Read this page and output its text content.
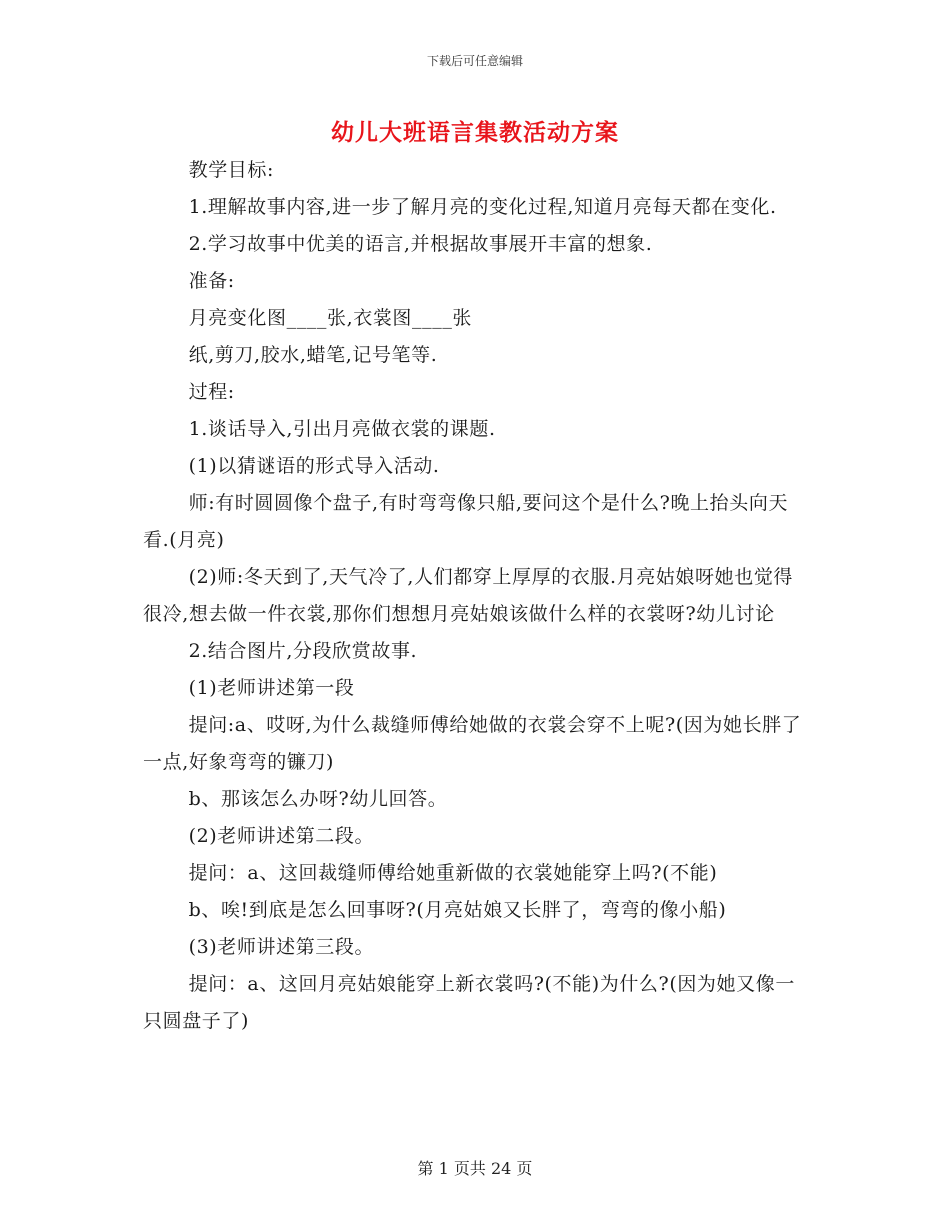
下载后可任意编辑
幼儿大班语言集教活动方案

教学目标:

1.理解故事内容,进一步了解月亮的变化过程,知道月亮每天都在变化.

2.学习故事中优美的语言,并根据故事展开丰富的想象.

准备:

月亮变化图____张,衣裳图____张

纸,剪刀,胶水,蜡笔,记号笔等.

过程:

1.谈话导入,引出月亮做衣裳的课题.

(1)以猜谜语的形式导入活动.

师:有时圆圆像个盘子,有时弯弯像只船,要问这个是什么?晚上抬头向天看.(月亮)

(2)师:冬天到了,天气冷了,人们都穿上厚厚的衣服.月亮姑娘呀她也觉得很冷,想去做一件衣裳,那你们想想月亮姑娘该做什么样的衣裳呀?幼儿讨论

2.结合图片,分段欣赏故事.

(1)老师讲述第一段

提问:a、哎呀,为什么裁缝师傅给她做的衣裳会穿不上呢?(因为她长胖了一点,好象弯弯的镰刀)

b、那该怎么办呀?幼儿回答。

(2)老师讲述第二段。

提问：a、这回裁缝师傅给她重新做的衣裳她能穿上吗?(不能)

b、唉!到底是怎么回事呀?(月亮姑娘又长胖了，弯弯的像小船)

(3)老师讲述第三段。

提问：a、这回月亮姑娘能穿上新衣裳吗?(不能)为什么?(因为她又像一只圆盘子了)

第 1 页共 24 页
